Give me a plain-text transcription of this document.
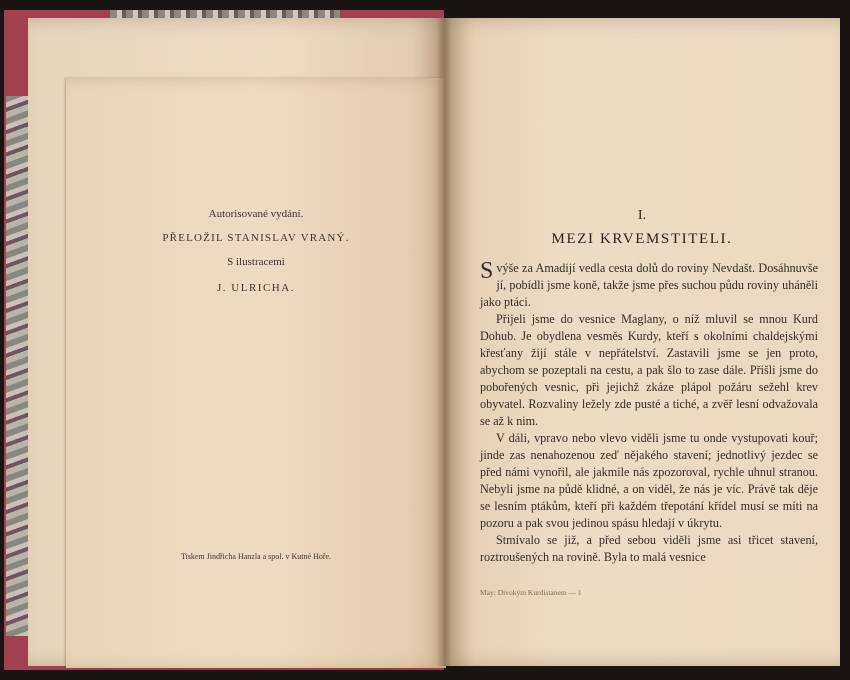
Autorisované vydání.
PŘELOŽIL STANISLAV VRANÝ.
S ilustracemi
J. ULRICHA.
Tiskem Jindřicha Hanzla a spol. v Kutné Hoře.
I.
MEZI KRVEMSTITELI.

Svýše za Amadijí vedla cesta dolů do roviny Nevdašt. Dosáhnuvše jí, pobídli jsme koně, takže jsme přes suchou půdu roviny uháněli jako ptáci.

Přijeli jsme do vesnice Maglany, o níž mluvil se mnou Kurd Dohub. Je obydlena vesměs Kurdy, kteří s okolními chaldejskými křesťany žijí stále v nepřátelství. Zastavili jsme se jen proto, abychom se pozeptali na cestu, a pak šlo to zase dále. Přišli jsme do pobořených vesnic, při jejichž zkáze plápol požáru sežehl krev obyvatel. Rozvaliny ležely zde pusté a tiché, a zvěř lesní odvažovala se až k nim.

V dáli, vpravo nebo vlevo viděli jsme tu onde vystupovati kouř; jinde zas nenahozenou zeď nějakého stavení; jednotlivý jezdec se před námi vynořil, ale jakmile nás zpozoroval, rychle uhnul stranou. Nebyli jsme na půdě klidné, a on viděl, že nás je víc. Právě tak děje se lesním ptákům, kteří při každém třepotání křídel musí se míti na pozoru a pak svou jedinou spásu hledají v úkrytu.

Stmívalo se již, a před sebou viděli jsme asi třicet stavení, roztroušených na rovině. Byla to malá vesnice

May: Divokým Kurdistanem — 1
